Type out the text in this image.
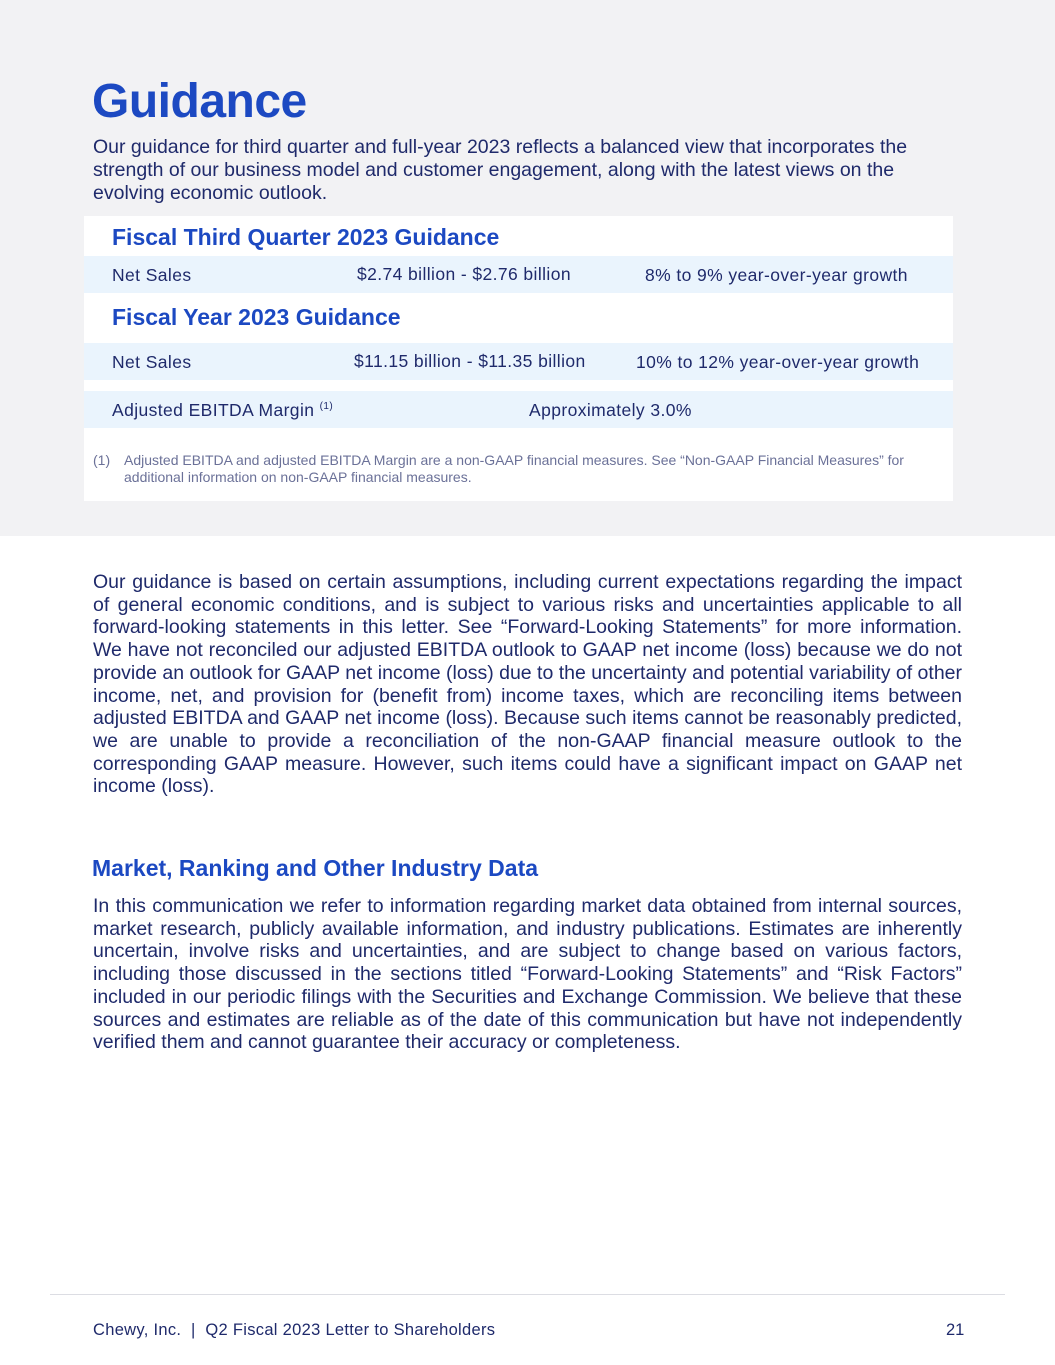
Guidance

Our guidance for third quarter and full-year 2023 reflects a balanced view that incorporates the strength of our business model and customer engagement, along with the latest views on the evolving economic outlook.

Fiscal Third Quarter 2023 Guidance
Net Sales	$2.74 billion - $2.76 billion	8% to 9% year-over-year growth
Fiscal Year 2023 Guidance
Net Sales	$11.15 billion - $11.35 billion	10% to 12% year-over-year growth
Adjusted EBITDA Margin $^{(1)}$	Approximately 3.0%
(1) Adjusted EBITDA and adjusted EBITDA Margin are a non-GAAP financial measures. See “Non-GAAP Financial Measures” for additional information on non-GAAP financial measures.

Our guidance is based on certain assumptions, including current expectations regarding the impact of general economic conditions, and is subject to various risks and uncertainties applicable to all forward-looking statements in this letter. See “Forward-Looking Statements” for more information. We have not reconciled our adjusted EBITDA outlook to GAAP net income (loss) because we do not provide an outlook for GAAP net income (loss) due to the uncertainty and potential variability of other income, net, and provision for (benefit from) income taxes, which are reconciling items between adjusted EBITDA and GAAP net income (loss). Because such items cannot be reasonably predicted, we are unable to provide a reconciliation of the non-GAAP financial measure outlook to the corresponding GAAP measure. However, such items could have a significant impact on GAAP net income (loss).

Market, Ranking and Other Industry Data

In this communication we refer to information regarding market data obtained from internal sources, market research, publicly available information, and industry publications. Estimates are inherently uncertain, involve risks and uncertainties, and are subject to change based on various factors, including those discussed in the sections titled “Forward-Looking Statements” and “Risk Factors” included in our periodic filings with the Securities and Exchange Commission. We believe that these sources and estimates are reliable as of the date of this communication but have not independently verified them and cannot guarantee their accuracy or completeness.

Chewy, Inc.  |  Q2 Fiscal 2023 Letter to Shareholders	21
